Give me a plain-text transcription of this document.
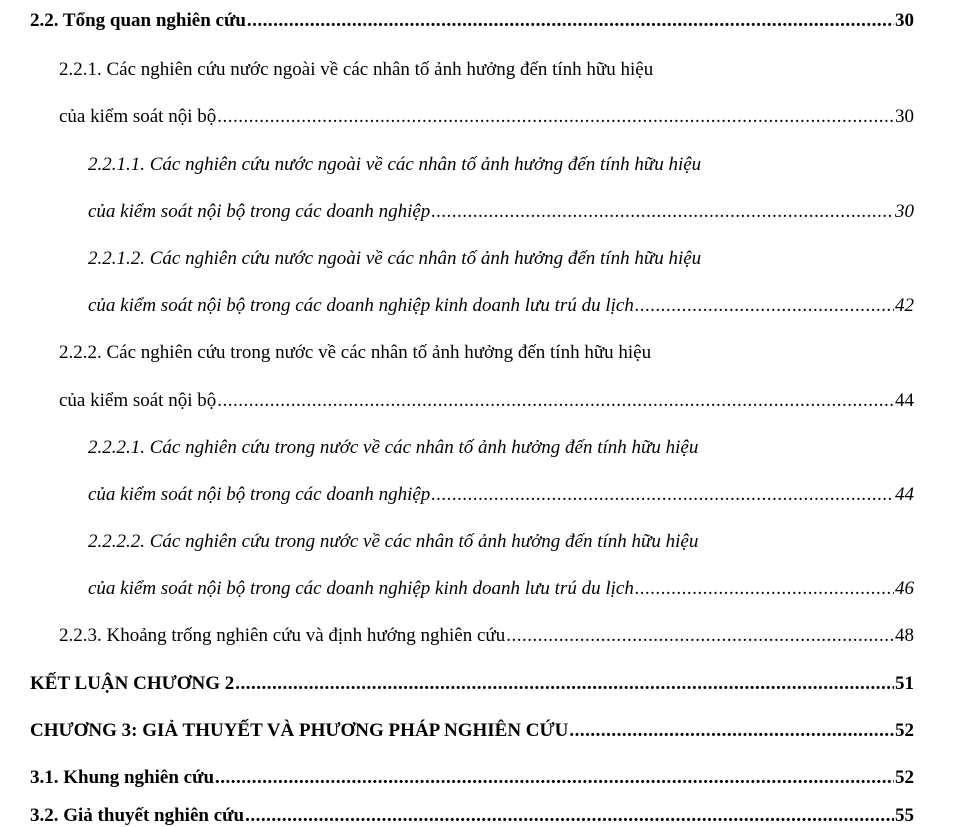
2.2. Tổng quan nghiên cứu .....	30
2.2.1. Các nghiên cứu nước ngoài về các nhân tố ảnh hưởng đến tính hữu hiệu
của kiểm soát nội bộ .....	30
2.2.1.1. Các nghiên cứu nước ngoài về các nhân tố ảnh hưởng đến tính hữu hiệu
của kiểm soát nội bộ trong các doanh nghiệp .....	30
2.2.1.2. Các nghiên cứu nước ngoài về các nhân tố ảnh hưởng đến tính hữu hiệu
của kiểm soát nội bộ trong các doanh nghiệp kinh doanh lưu trú du lịch .....	42
2.2.2. Các nghiên cứu trong nước về các nhân tố ảnh hưởng đến tính hữu hiệu
của kiểm soát nội bộ .....	44
2.2.2.1. Các nghiên cứu trong nước về các nhân tố ảnh hưởng đến tính hữu hiệu
của kiểm soát nội bộ trong các doanh nghiệp .....	44
2.2.2.2. Các nghiên cứu trong nước về các nhân tố ảnh hưởng đến tính hữu hiệu
của kiểm soát nội bộ trong các doanh nghiệp kinh doanh lưu trú du lịch .....	46
2.2.3. Khoảng trống nghiên cứu và định hướng nghiên cứu .....	48
KẾT LUẬN CHƯƠNG 2 .....	51
CHƯƠNG 3: GIẢ THUYẾT VÀ PHƯƠNG PHÁP NGHIÊN CỨU .....	52
3.1. Khung nghiên cứu .....	52
3.2. Giả thuyết nghiên cứu .....	55
